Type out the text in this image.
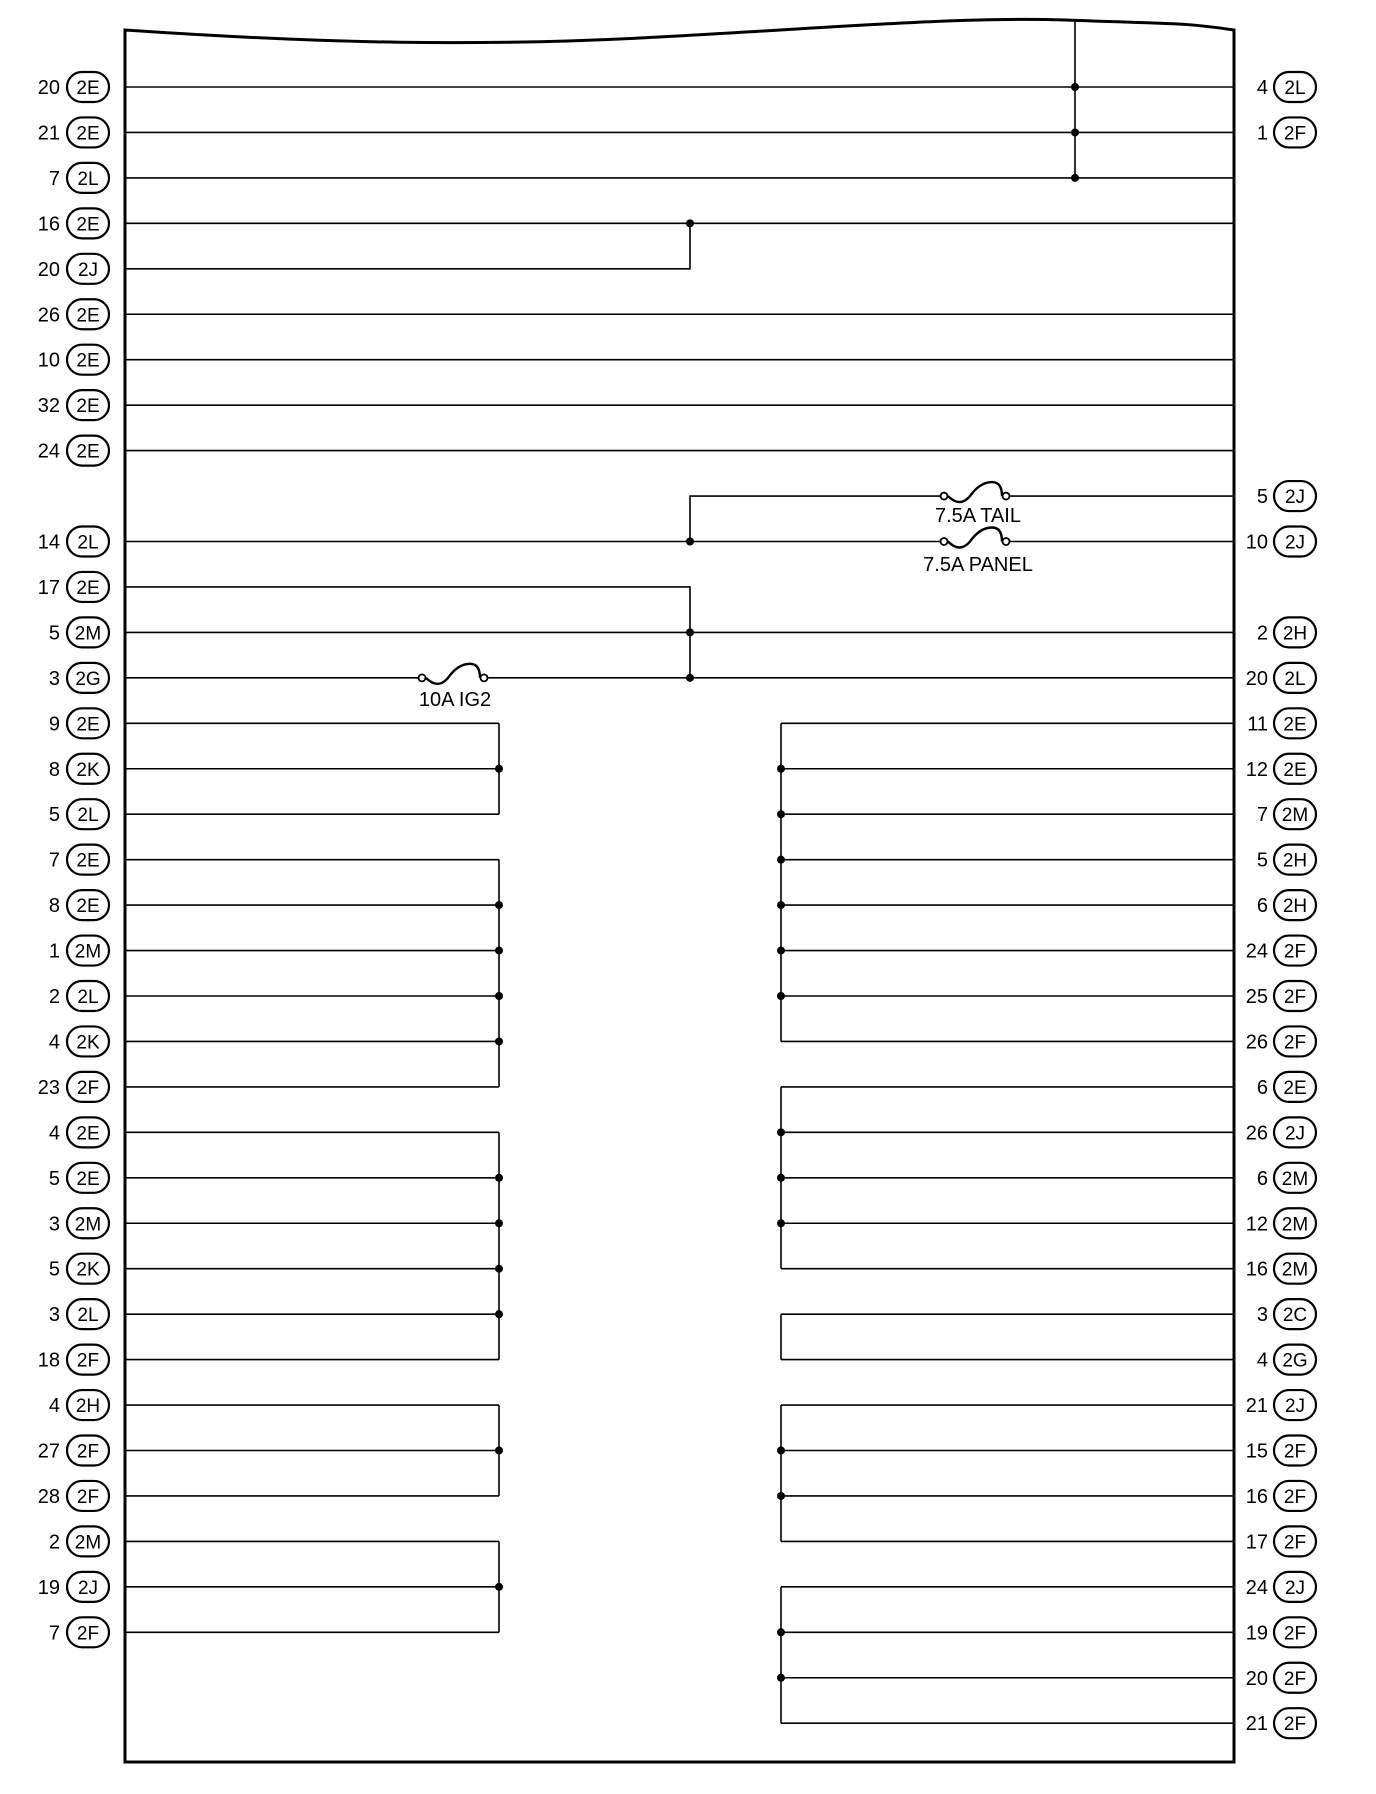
7.5A TAIL
7.5A PANEL
10A IG2
20 2E
21 2E
7 2L
16 2E
20 2J
26 2E
10 2E
32 2E
24 2E
14 2L
17 2E
5 2M
3 2G
9 2E
8 2K
5 2L
7 2E
8 2E
1 2M
2 2L
4 2K
23 2F
4 2E
5 2E
3 2M
5 2K
3 2L
18 2F
4 2H
27 2F
28 2F
2 2M
19 2J
7 2F
4 2L
1 2F
5 2J
10 2J
2 2H
20 2L
11 2E
12 2E
7 2M
5 2H
6 2H
24 2F
25 2F
26 2F
6 2E
26 2J
6 2M
12 2M
16 2M
3 2C
4 2G
21 2J
15 2F
16 2F
17 2F
24 2J
19 2F
20 2F
21 2F
